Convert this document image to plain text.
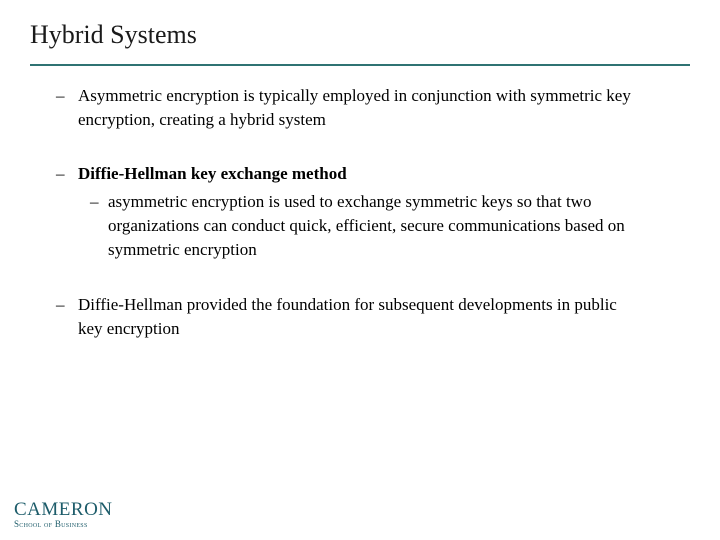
Hybrid Systems
– Asymmetric encryption is typically employed in conjunction with symmetric key encryption, creating a hybrid system
– Diffie-Hellman key exchange method
– asymmetric encryption is used to exchange symmetric keys so that two organizations can conduct quick, efficient, secure communications based on symmetric encryption
– Diffie-Hellman provided the foundation for subsequent developments in public key encryption
CAMERON
School of Business
